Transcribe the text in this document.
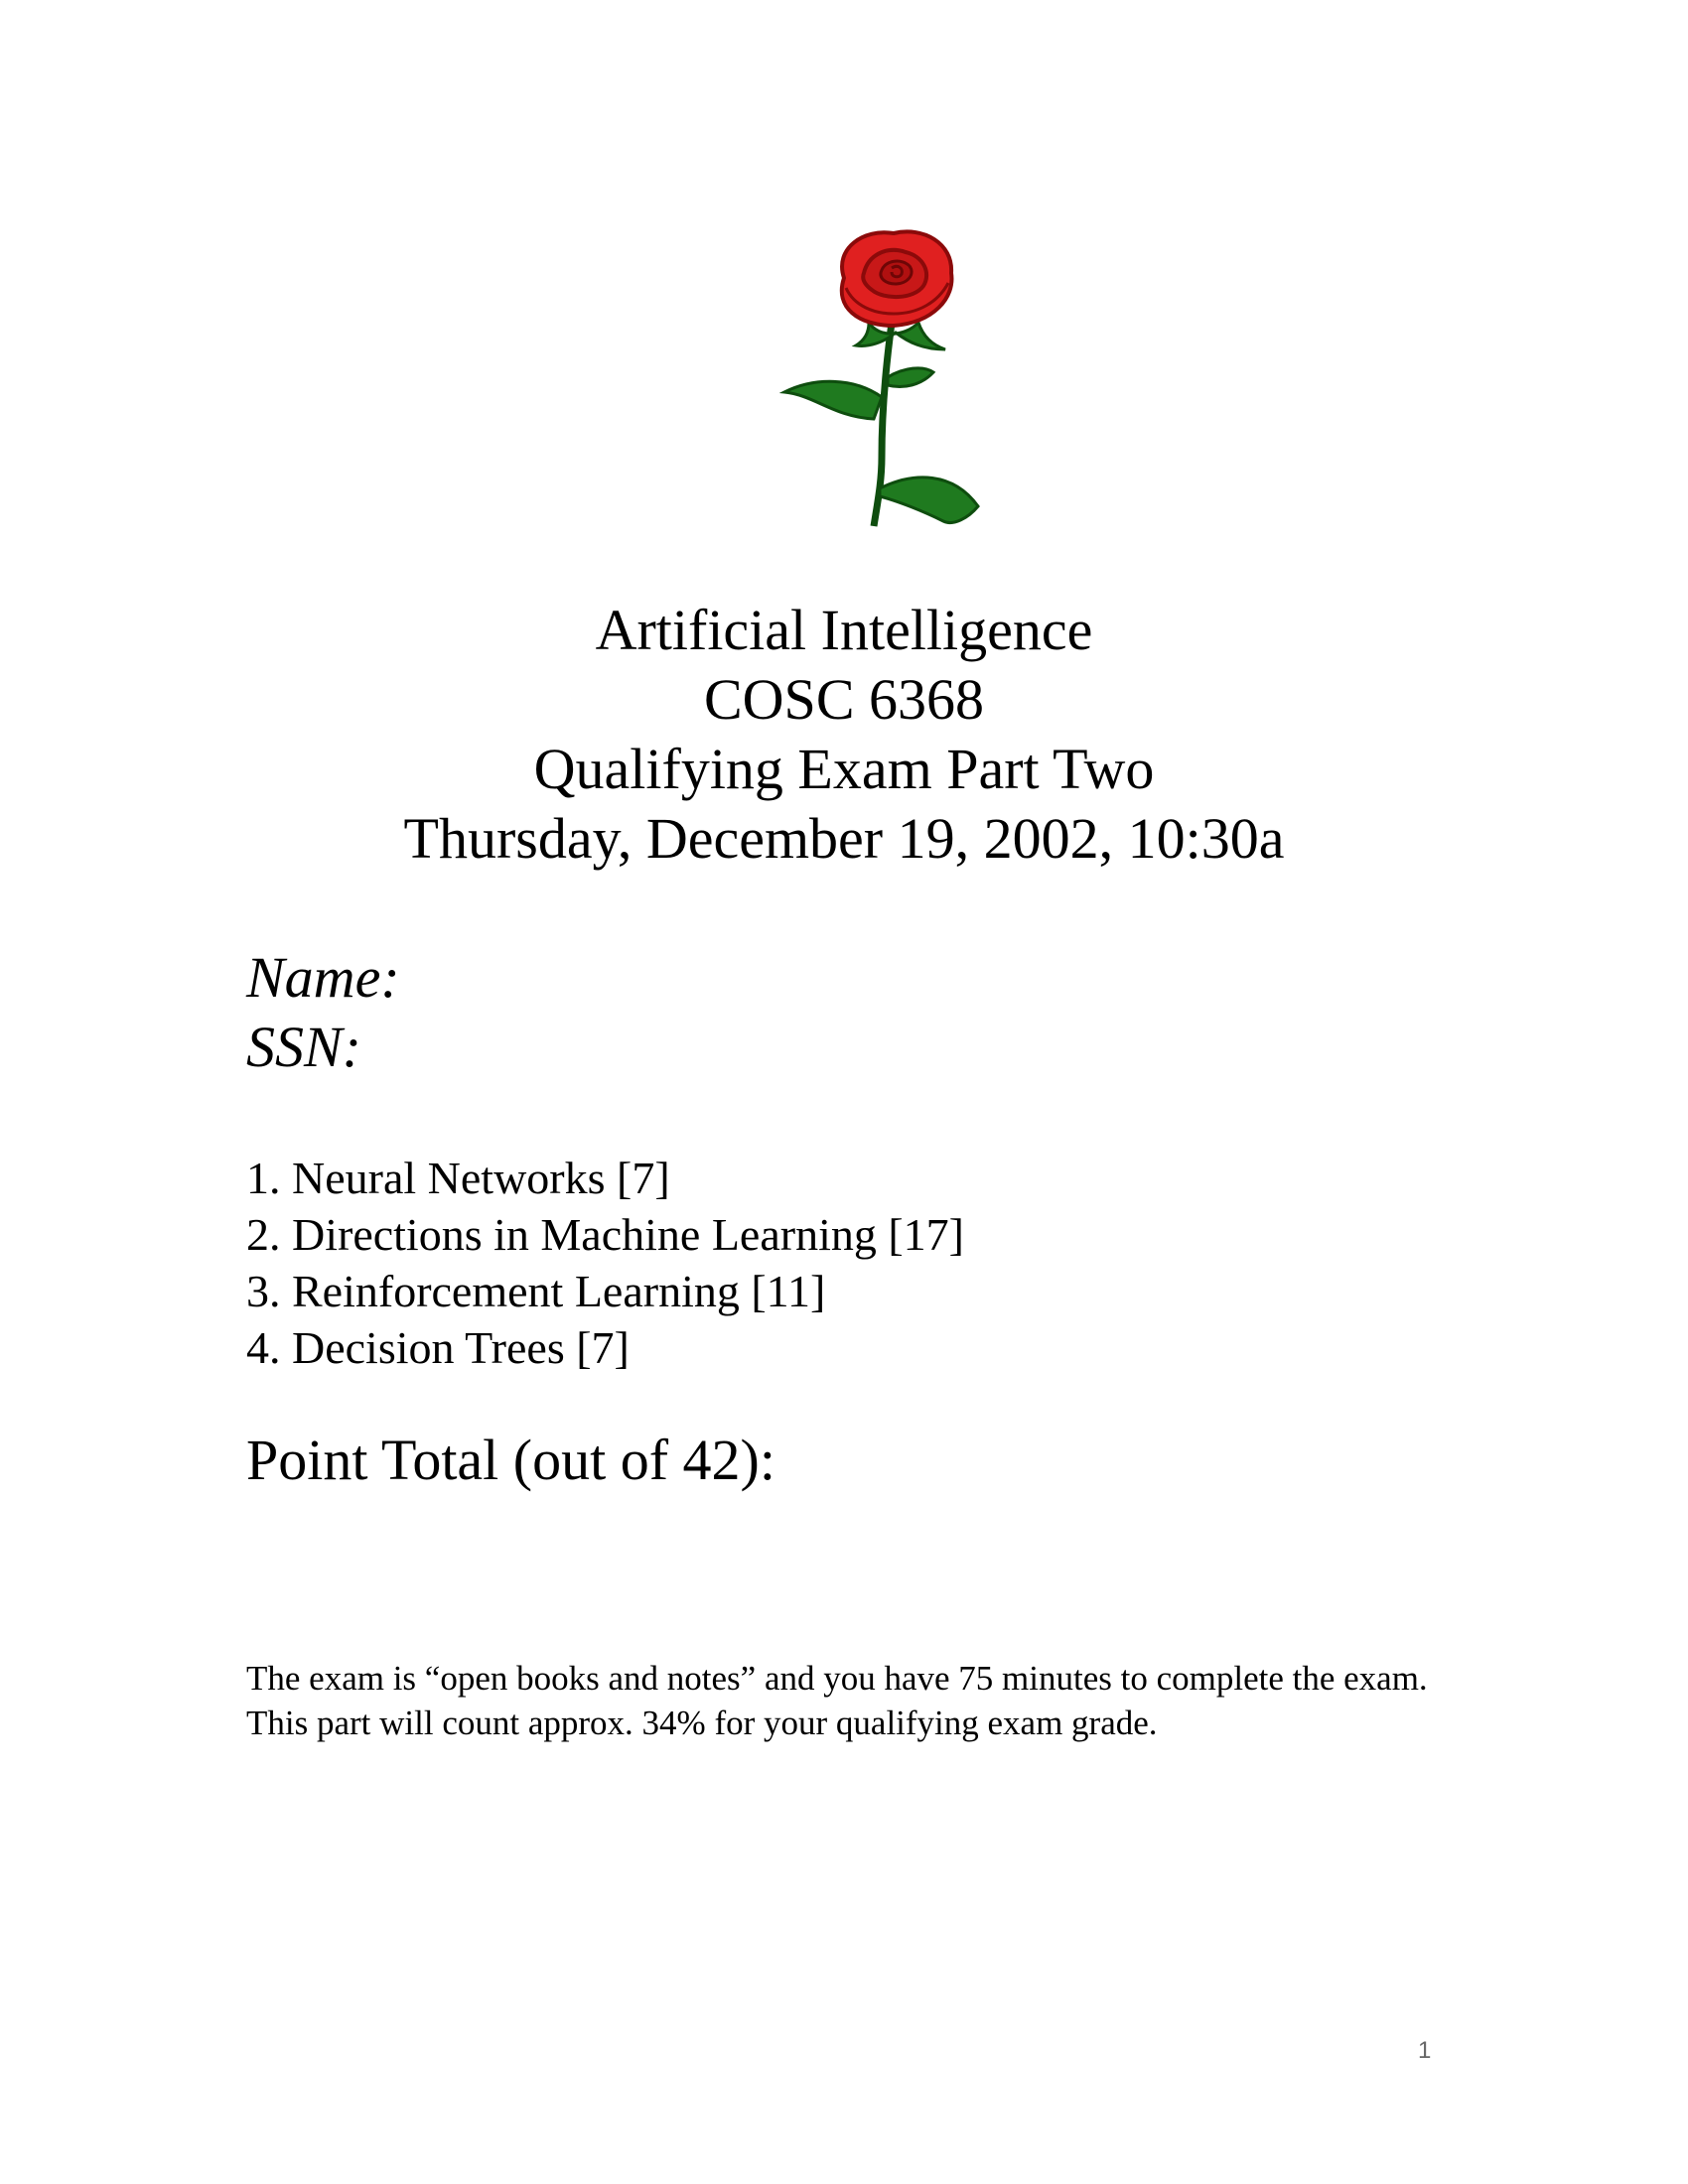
Artificial Intelligence
COSC 6368
Qualifying Exam Part Two
Thursday, December 19, 2002, 10:30a
Name:
SSN:
1. Neural Networks [7]
2. Directions in Machine Learning [17]
3. Reinforcement Learning [11]
4. Decision Trees [7]
Point Total (out of 42):
The exam is “open books and notes” and you have 75 minutes to complete the exam. This part will count approx. 34% for your qualifying exam grade.
1
